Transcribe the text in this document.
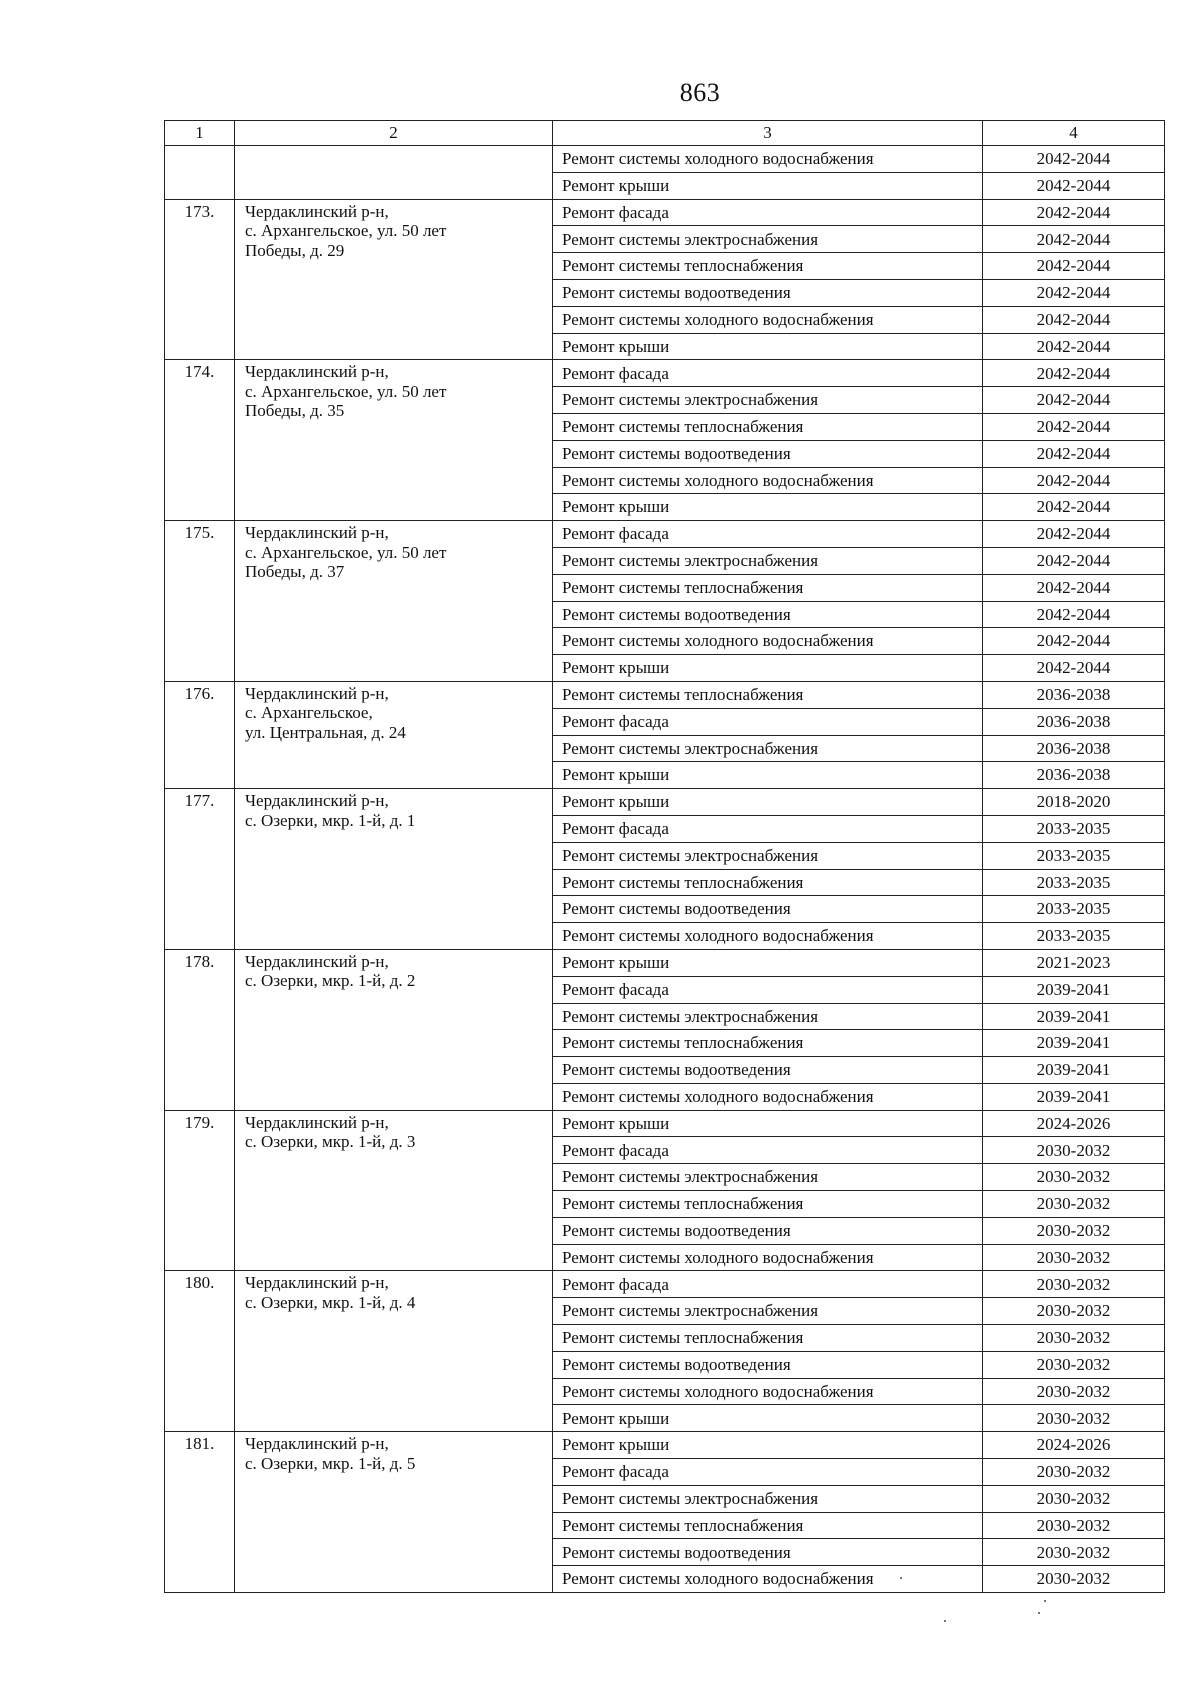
863
1	2	3	4
		Ремонт системы холодного водоснабжения	2042-2044
		Ремонт крыши	2042-2044
173.	Чердаклинский р-н,
с. Архангельское, ул. 50 лет
Победы, д. 29	Ремонт фасада	2042-2044
		Ремонт системы электроснабжения	2042-2044
		Ремонт системы теплоснабжения	2042-2044
		Ремонт системы водоотведения	2042-2044
		Ремонт системы холодного водоснабжения	2042-2044
		Ремонт крыши	2042-2044
174.	Чердаклинский р-н,
с. Архангельское, ул. 50 лет
Победы, д. 35	Ремонт фасада	2042-2044
		Ремонт системы электроснабжения	2042-2044
		Ремонт системы теплоснабжения	2042-2044
		Ремонт системы водоотведения	2042-2044
		Ремонт системы холодного водоснабжения	2042-2044
		Ремонт крыши	2042-2044
175.	Чердаклинский р-н,
с. Архангельское, ул. 50 лет
Победы, д. 37	Ремонт фасада	2042-2044
		Ремонт системы электроснабжения	2042-2044
		Ремонт системы теплоснабжения	2042-2044
		Ремонт системы водоотведения	2042-2044
		Ремонт системы холодного водоснабжения	2042-2044
		Ремонт крыши	2042-2044
176.	Чердаклинский р-н,
с. Архангельское,
ул. Центральная, д. 24	Ремонт системы теплоснабжения	2036-2038
		Ремонт фасада	2036-2038
		Ремонт системы электроснабжения	2036-2038
		Ремонт крыши	2036-2038
177.	Чердаклинский р-н,
с. Озерки, мкр. 1-й, д. 1	Ремонт крыши	2018-2020
		Ремонт фасада	2033-2035
		Ремонт системы электроснабжения	2033-2035
		Ремонт системы теплоснабжения	2033-2035
		Ремонт системы водоотведения	2033-2035
		Ремонт системы холодного водоснабжения	2033-2035
178.	Чердаклинский р-н,
с. Озерки, мкр. 1-й, д. 2	Ремонт крыши	2021-2023
		Ремонт фасада	2039-2041
		Ремонт системы электроснабжения	2039-2041
		Ремонт системы теплоснабжения	2039-2041
		Ремонт системы водоотведения	2039-2041
		Ремонт системы холодного водоснабжения	2039-2041
179.	Чердаклинский р-н,
с. Озерки, мкр. 1-й, д. 3	Ремонт крыши	2024-2026
		Ремонт фасада	2030-2032
		Ремонт системы электроснабжения	2030-2032
		Ремонт системы теплоснабжения	2030-2032
		Ремонт системы водоотведения	2030-2032
		Ремонт системы холодного водоснабжения	2030-2032
180.	Чердаклинский р-н,
с. Озерки, мкр. 1-й, д. 4	Ремонт фасада	2030-2032
		Ремонт системы электроснабжения	2030-2032
		Ремонт системы теплоснабжения	2030-2032
		Ремонт системы водоотведения	2030-2032
		Ремонт системы холодного водоснабжения	2030-2032
		Ремонт крыши	2030-2032
181.	Чердаклинский р-н,
с. Озерки, мкр. 1-й, д. 5	Ремонт крыши	2024-2026
		Ремонт фасада	2030-2032
		Ремонт системы электроснабжения	2030-2032
		Ремонт системы теплоснабжения	2030-2032
		Ремонт системы водоотведения	2030-2032
		Ремонт системы холодного водоснабжения	2030-2032
